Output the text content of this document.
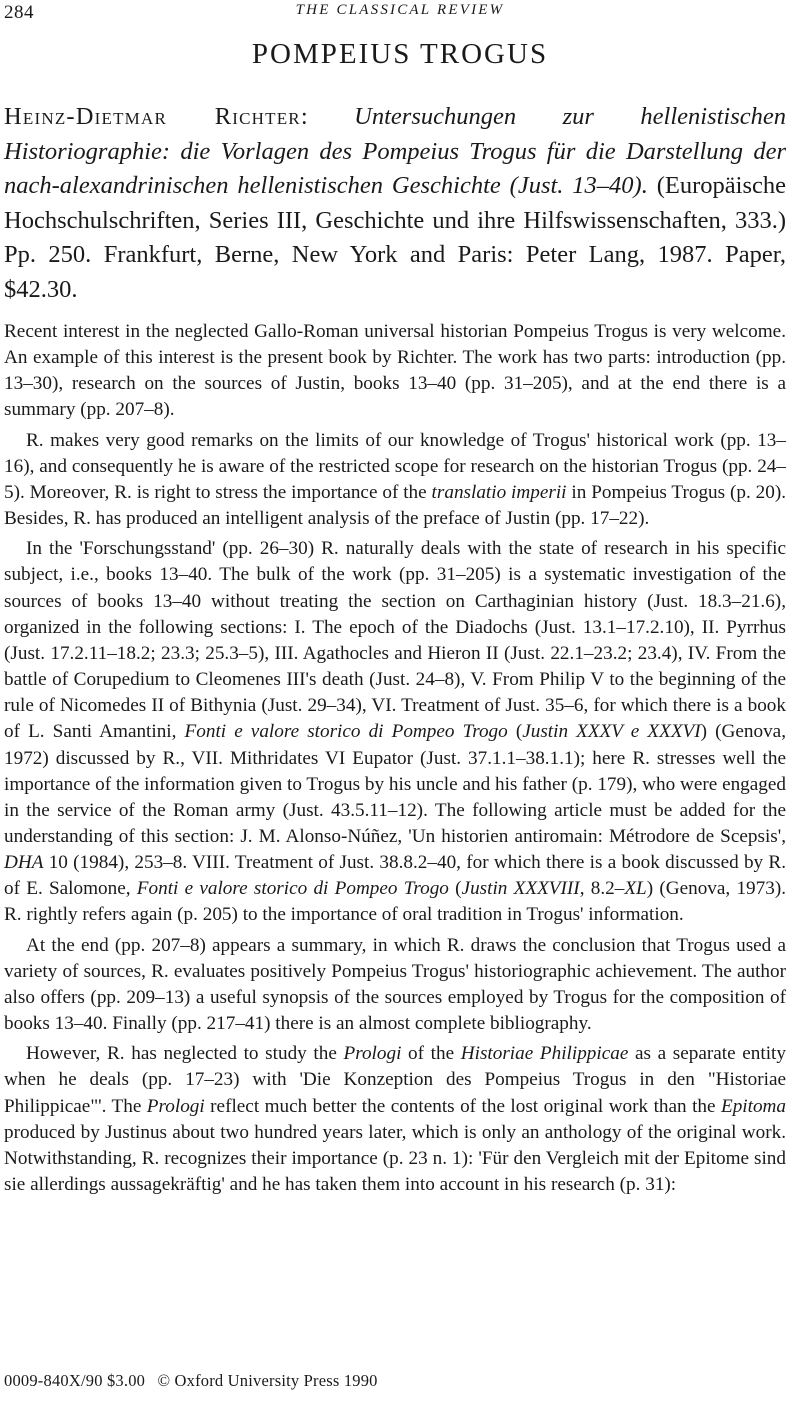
284	THE CLASSICAL REVIEW
POMPEIUS TROGUS
Heinz-Dietmar Richter: Untersuchungen zur hellenistischen Historiographie: die Vorlagen des Pompeius Trogus für die Darstellung der nach-alexandrinischen hellenistischen Geschichte (Just. 13–40). (Europäische Hochschulschriften, Series III, Geschichte und ihre Hilfswissenschaften, 333.) Pp. 250. Frankfurt, Berne, New York and Paris: Peter Lang, 1987. Paper, $42.30.

Recent interest in the neglected Gallo-Roman universal historian Pompeius Trogus is very welcome. An example of this interest is the present book by Richter. The work has two parts: introduction (pp. 13–30), research on the sources of Justin, books 13–40 (pp. 31–205), and at the end there is a summary (pp. 207–8).

R. makes very good remarks on the limits of our knowledge of Trogus' historical work (pp. 13–16), and consequently he is aware of the restricted scope for research on the historian Trogus (pp. 24–5). Moreover, R. is right to stress the importance of the translatio imperii in Pompeius Trogus (p. 20). Besides, R. has produced an intelligent analysis of the preface of Justin (pp. 17–22).

In the 'Forschungsstand' (pp. 26–30) R. naturally deals with the state of research in his specific subject, i.e., books 13–40. The bulk of the work (pp. 31–205) is a systematic investigation of the sources of books 13–40 without treating the section on Carthaginian history (Just. 18.3–21.6), organized in the following sections: I. The epoch of the Diadochs (Just. 13.1–17.2.10), II. Pyrrhus (Just. 17.2.11–18.2; 23.3; 25.3–5), III. Agathocles and Hieron II (Just. 22.1–23.2; 23.4), IV. From the battle of Corupedium to Cleomenes III's death (Just. 24–8), V. From Philip V to the beginning of the rule of Nicomedes II of Bithynia (Just. 29–34), VI. Treatment of Just. 35–6, for which there is a book of L. Santi Amantini, Fonti e valore storico di Pompeo Trogo (Justin XXXV e XXXVI) (Genova, 1972) discussed by R., VII. Mithridates VI Eupator (Just. 37.1.1–38.1.1); here R. stresses well the importance of the information given to Trogus by his uncle and his father (p. 179), who were engaged in the service of the Roman army (Just. 43.5.11–12). The following article must be added for the understanding of this section: J. M. Alonso-Núñez, 'Un historien antiromain: Métrodore de Scepsis', DHA 10 (1984), 253–8. VIII. Treatment of Just. 38.8.2–40, for which there is a book discussed by R. of E. Salomone, Fonti e valore storico di Pompeo Trogo (Justin XXXVIII, 8.2–XL) (Genova, 1973). R. rightly refers again (p. 205) to the importance of oral tradition in Trogus' information.

At the end (pp. 207–8) appears a summary, in which R. draws the conclusion that Trogus used a variety of sources, R. evaluates positively Pompeius Trogus' historiographic achievement. The author also offers (pp. 209–13) a useful synopsis of the sources employed by Trogus for the composition of books 13–40. Finally (pp. 217–41) there is an almost complete bibliography.

However, R. has neglected to study the Prologi of the Historiae Philippicae as a separate entity when he deals (pp. 17–23) with 'Die Konzeption des Pompeius Trogus in den "Historiae Philippicae"'. The Prologi reflect much better the contents of the lost original work than the Epitoma produced by Justinus about two hundred years later, which is only an anthology of the original work. Notwithstanding, R. recognizes their importance (p. 23 n. 1): 'Für den Vergleich mit der Epitome sind sie allerdings aussagekräftig' and he has taken them into account in his research (p. 31):

0009-840X/90 $3.00 © Oxford University Press 1990
